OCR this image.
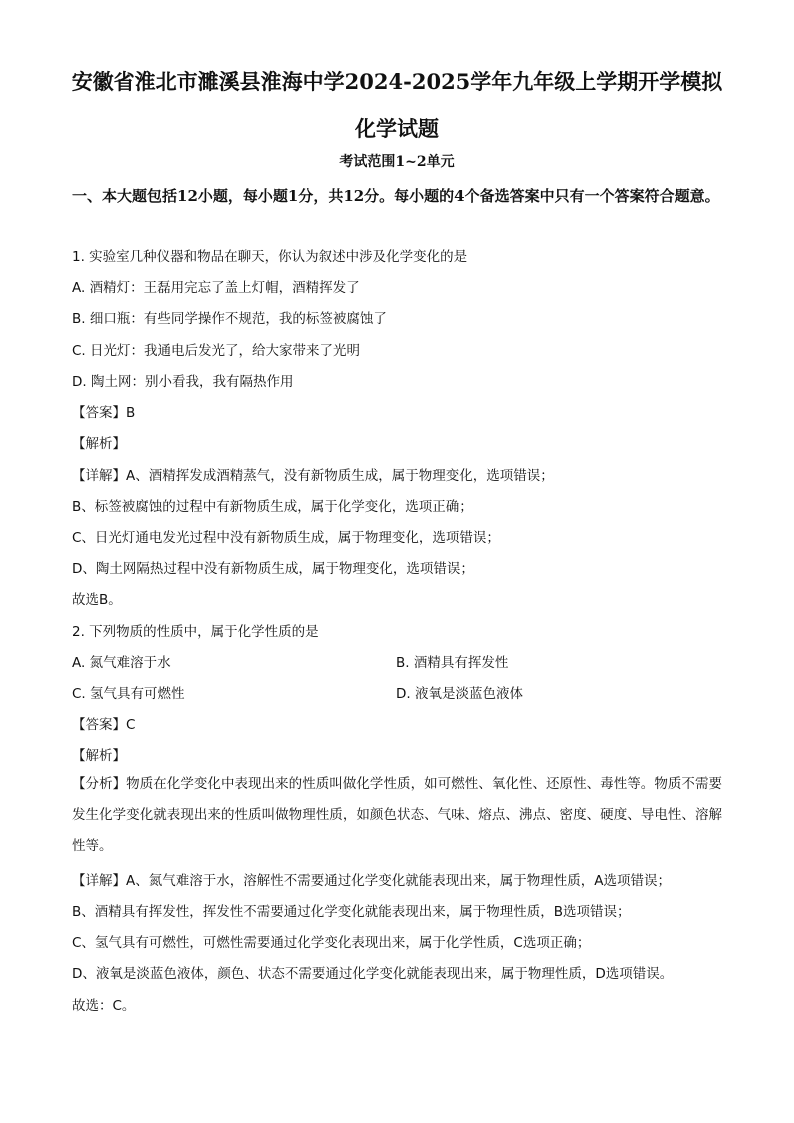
安徽省淮北市濉溪县淮海中学2024-2025学年九年级上学期开学模拟
化学试题
考试范围1~2单元
一、本大题包括12小题，每小题1分，共12分。每小题的4个备选答案中只有一个答案符合题意。
1. 实验室几种仪器和物品在聊天，你认为叙述中涉及化学变化的是
A. 酒精灯：王磊用完忘了盖上灯帽，酒精挥发了
B. 细口瓶：有些同学操作不规范，我的标签被腐蚀了
C. 日光灯：我通电后发光了，给大家带来了光明
D. 陶土网：别小看我，我有隔热作用
【答案】B
【解析】
【详解】A、酒精挥发成酒精蒸气，没有新物质生成，属于物理变化，选项错误；
B、标签被腐蚀的过程中有新物质生成，属于化学变化，选项正确；
C、日光灯通电发光过程中没有新物质生成，属于物理变化，选项错误；
D、陶土网隔热过程中没有新物质生成，属于物理变化，选项错误；
故选B。
2. 下列物质的性质中，属于化学性质的是
A. 氮气难溶于水	B. 酒精具有挥发性
C. 氢气具有可燃性	D. 液氧是淡蓝色液体
【答案】C
【解析】
【分析】物质在化学变化中表现出来的性质叫做化学性质，如可燃性、氧化性、还原性、毒性等。物质不需要发生化学变化就表现出来的性质叫做物理性质，如颜色状态、气味、熔点、沸点、密度、硬度、导电性、溶解性等。
【详解】A、氮气难溶于水，溶解性不需要通过化学变化就能表现出来，属于物理性质，A选项错误；
B、酒精具有挥发性，挥发性不需要通过化学变化就能表现出来，属于物理性质，B选项错误；
C、氢气具有可燃性，可燃性需要通过化学变化表现出来，属于化学性质，C选项正确；
D、液氧是淡蓝色液体，颜色、状态不需要通过化学变化就能表现出来，属于物理性质，D选项错误。
故选：C。
